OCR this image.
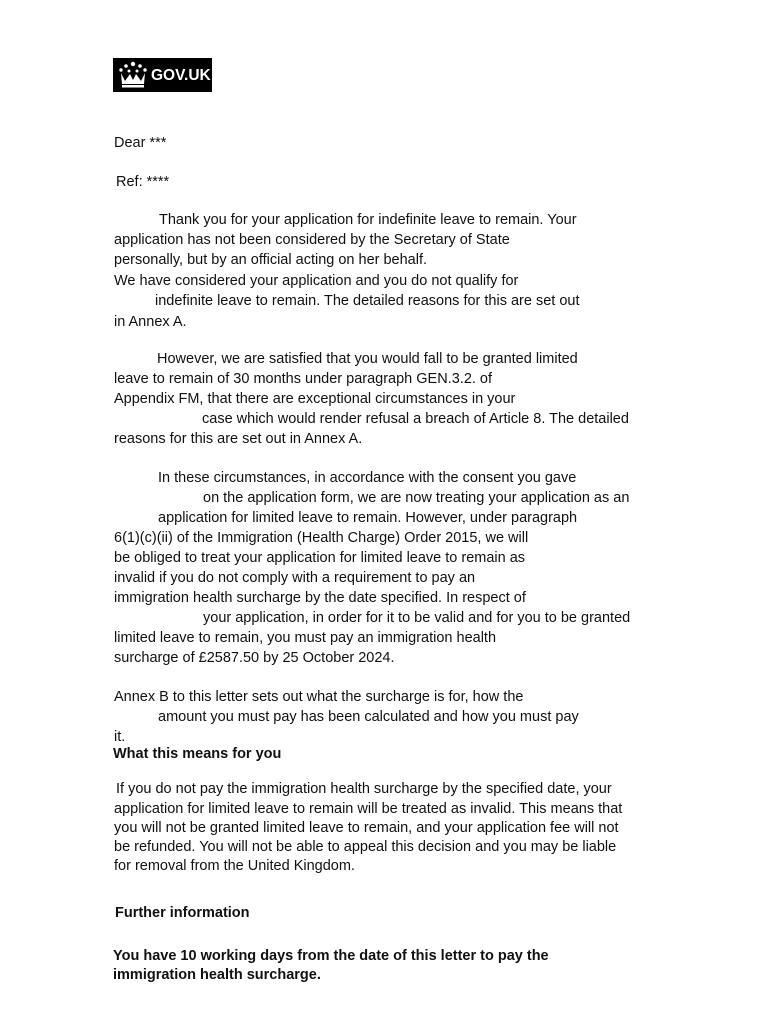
GOV.UK
Dear ***
Ref: ****
Thank you for your application for indefinite leave to remain. Your
application has not been considered by the Secretary of State
personally, but by an official acting on her behalf.
We have considered your application and you do not qualify for
indefinite leave to remain. The detailed reasons for this are set out
in Annex A.
However, we are satisfied that you would fall to be granted limited
leave to remain of 30 months under paragraph GEN.3.2. of
Appendix FM, that there are exceptional circumstances in your
case which would render refusal a breach of Article 8. The detailed
reasons for this are set out in Annex A.
In these circumstances, in accordance with the consent you gave
on the application form, we are now treating your application as an
application for limited leave to remain. However, under paragraph
6(1)(c)(ii) of the Immigration (Health Charge) Order 2015, we will
be obliged to treat your application for limited leave to remain as
invalid if you do not comply with a requirement to pay an
immigration health surcharge by the date specified. In respect of
your application, in order for it to be valid and for you to be granted
limited leave to remain, you must pay an immigration health
surcharge of £2587.50 by 25 October 2024.
Annex B to this letter sets out what the surcharge is for, how the
amount you must pay has been calculated and how you must pay
it.
What this means for you
If you do not pay the immigration health surcharge by the specified date, your
application for limited leave to remain will be treated as invalid. This means that
you will not be granted limited leave to remain, and your application fee will not
be refunded. You will not be able to appeal this decision and you may be liable
for removal from the United Kingdom.
Further information
You have 10 working days from the date of this letter to pay the
immigration health surcharge.
